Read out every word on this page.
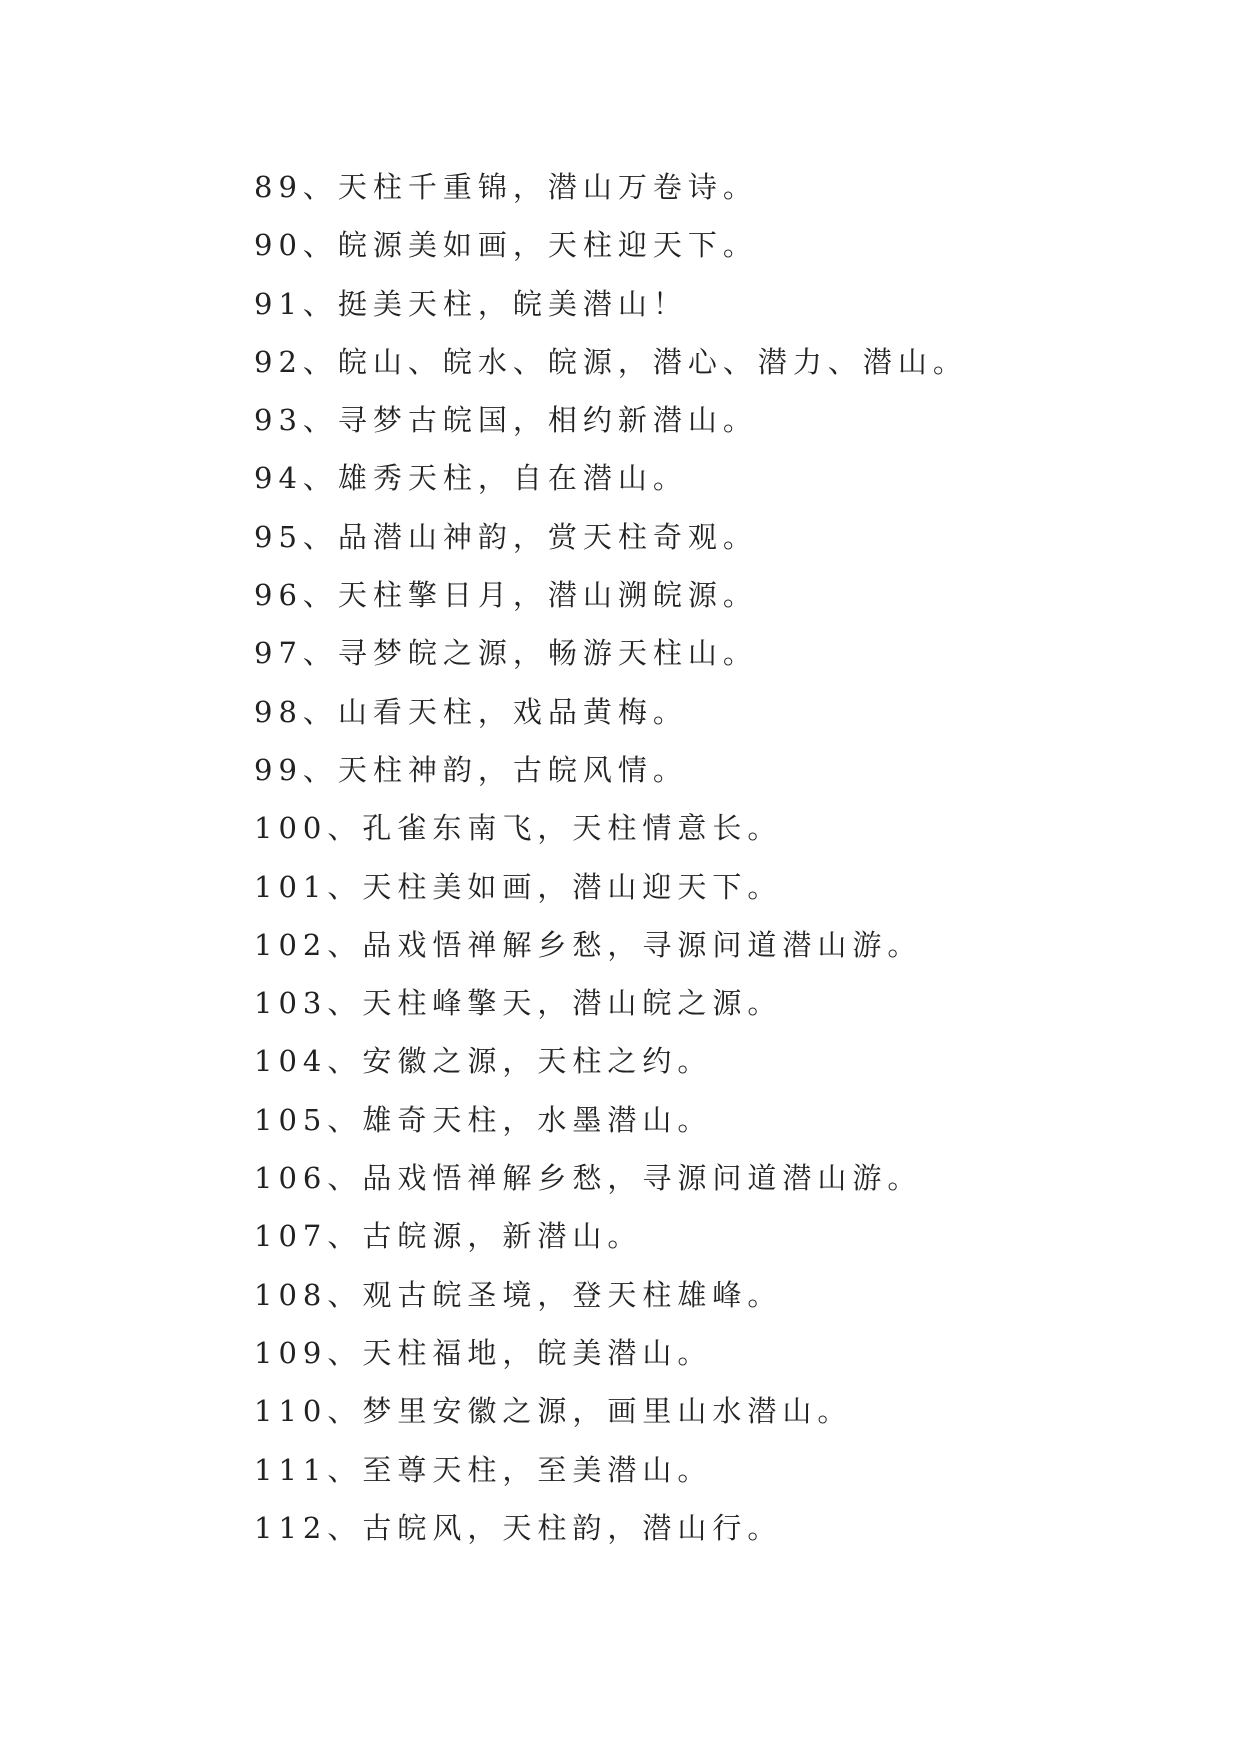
89、天柱千重锦，潜山万卷诗。
90、皖源美如画，天柱迎天下。
91、挺美天柱，皖美潜山！
92、皖山、皖水、皖源，潜心、潜力、潜山。
93、寻梦古皖国，相约新潜山。
94、雄秀天柱，自在潜山。
95、品潜山神韵，赏天柱奇观。
96、天柱擎日月，潜山溯皖源。
97、寻梦皖之源，畅游天柱山。
98、山看天柱，戏品黄梅。
99、天柱神韵，古皖风情。
100、孔雀东南飞，天柱情意长。
101、天柱美如画，潜山迎天下。
102、品戏悟禅解乡愁，寻源问道潜山游。
103、天柱峰擎天，潜山皖之源。
104、安徽之源，天柱之约。
105、雄奇天柱，水墨潜山。
106、品戏悟禅解乡愁，寻源问道潜山游。
107、古皖源，新潜山。
108、观古皖圣境，登天柱雄峰。
109、天柱福地，皖美潜山。
110、梦里安徽之源，画里山水潜山。
111、至尊天柱，至美潜山。
112、古皖风，天柱韵，潜山行。
